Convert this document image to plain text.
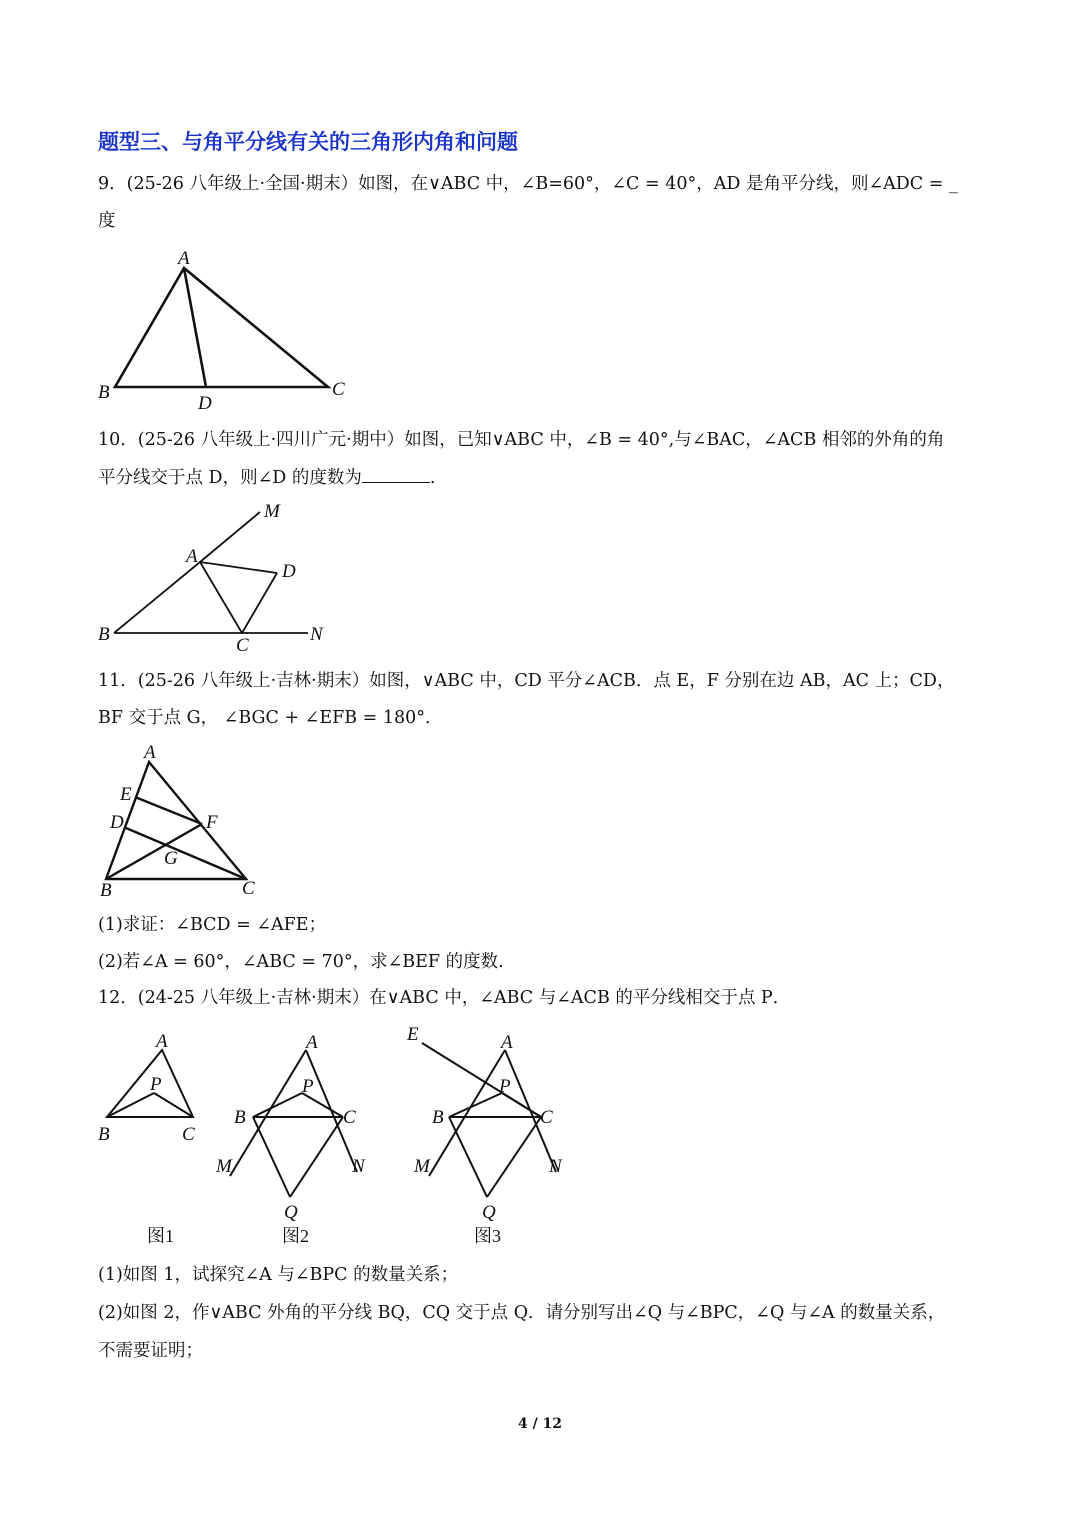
题型三、与角平分线有关的三角形内角和问题
9．(25-26 八年级上·全国·期末）如图，在∨ABC 中，∠B=60°，∠C = 40°，AD 是角平分线，则∠ADC = _
度
A
B	C
D
10．(25-26 八年级上·四川广元·期中）如图，已知∨ABC 中，∠B = 40°,与∠BAC，∠ACB 相邻的外角的角
平分线交于点 D，则∠D 的度数为	.
M
A
D
B
C
N
11．(25-26 八年级上·吉林·期末）如图，∨ABC 中，CD 平分∠ACB．点 E，F 分别在边 AB，AC 上；CD，
BF 交于点 G， ∠BGC + ∠EFB = 180°．
A
E
D	F
G
B	C
(1)求证：∠BCD = ∠AFE；
(2)若∠A = 60°，∠ABC = 70°，求∠BEF 的度数.
12．(24-25 八年级上·吉林·期末）在∨ABC 中，∠ABC 与∠ACB 的平分线相交于点 P．
A
P
B	C
图1
A
P
B	C
M	N
Q
图2
E	A
P
B	C
M	N
Q
图3
(1)如图 1，试探究∠A 与∠BPC 的数量关系；
(2)如图 2，作∨ABC 外角的平分线 BQ，CQ 交于点 Q．请分别写出∠Q 与∠BPC，∠Q 与∠A 的数量关系，
不需要证明；
4 / 12
